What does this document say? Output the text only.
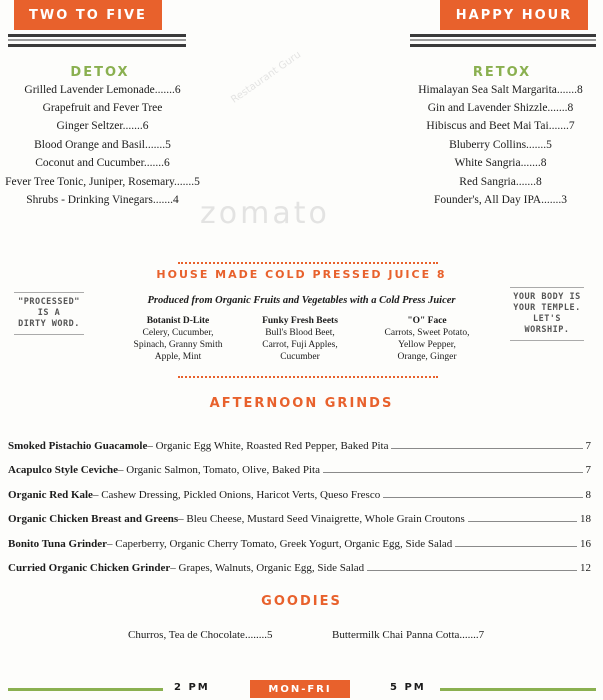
TWO TO FIVE	HAPPY HOUR
zomato
Restaurant Guru
DETOX
Grilled Lavender Lemonade.......6
Grapefruit and Fever Tree
Ginger Seltzer.......6
Blood Orange and Basil.......5
Coconut and Cucumber.......6
Fever Tree Tonic, Juniper, Rosemary.......5
Shrubs - Drinking Vinegars.......4
RETOX
Himalayan Sea Salt Margarita.......8
Gin and Lavender Shizzle.......8
Hibiscus and Beet Mai Tai.......7
Bluberry Collins.......5
White Sangria.......8
Red Sangria.......8
Founder's, All Day IPA.......3
HOUSE MADE COLD PRESSED JUICE 8
Produced from Organic Fruits and Vegetables with a Cold Press Juicer
"PROCESSED"
IS A
DIRTY WORD.
YOUR BODY IS
YOUR TEMPLE.
LET'S WORSHIP.
Botanist D-Lite
Celery, Cucumber,
Spinach, Granny Smith
Apple, Mint
Funky Fresh Beets
Bull's Blood Beet,
Carrot, Fuji Apples,
Cucumber
"O" Face
Carrots, Sweet Potato,
Yellow Pepper,
Orange, Ginger
AFTERNOON GRINDS
Smoked Pistachio Guacamole – Organic Egg White, Roasted Red Pepper, Baked Pita	7
Acapulco Style Ceviche – Organic Salmon, Tomato, Olive, Baked Pita	7
Organic Red Kale – Cashew Dressing, Pickled Onions, Haricot Verts, Queso Fresco	8
Organic Chicken Breast and Greens – Bleu Cheese, Mustard Seed Vinaigrette, Whole Grain Croutons	18
Bonito Tuna Grinder – Caperberry, Organic Cherry Tomato, Greek Yogurt, Organic Egg, Side Salad	16
Curried Organic Chicken Grinder – Grapes, Walnuts, Organic Egg, Side Salad	12
GOODIES
Churros, Tea de Chocolate........5	Buttermilk Chai Panna Cotta.......7
2 PM	MON-FRI	5 PM
